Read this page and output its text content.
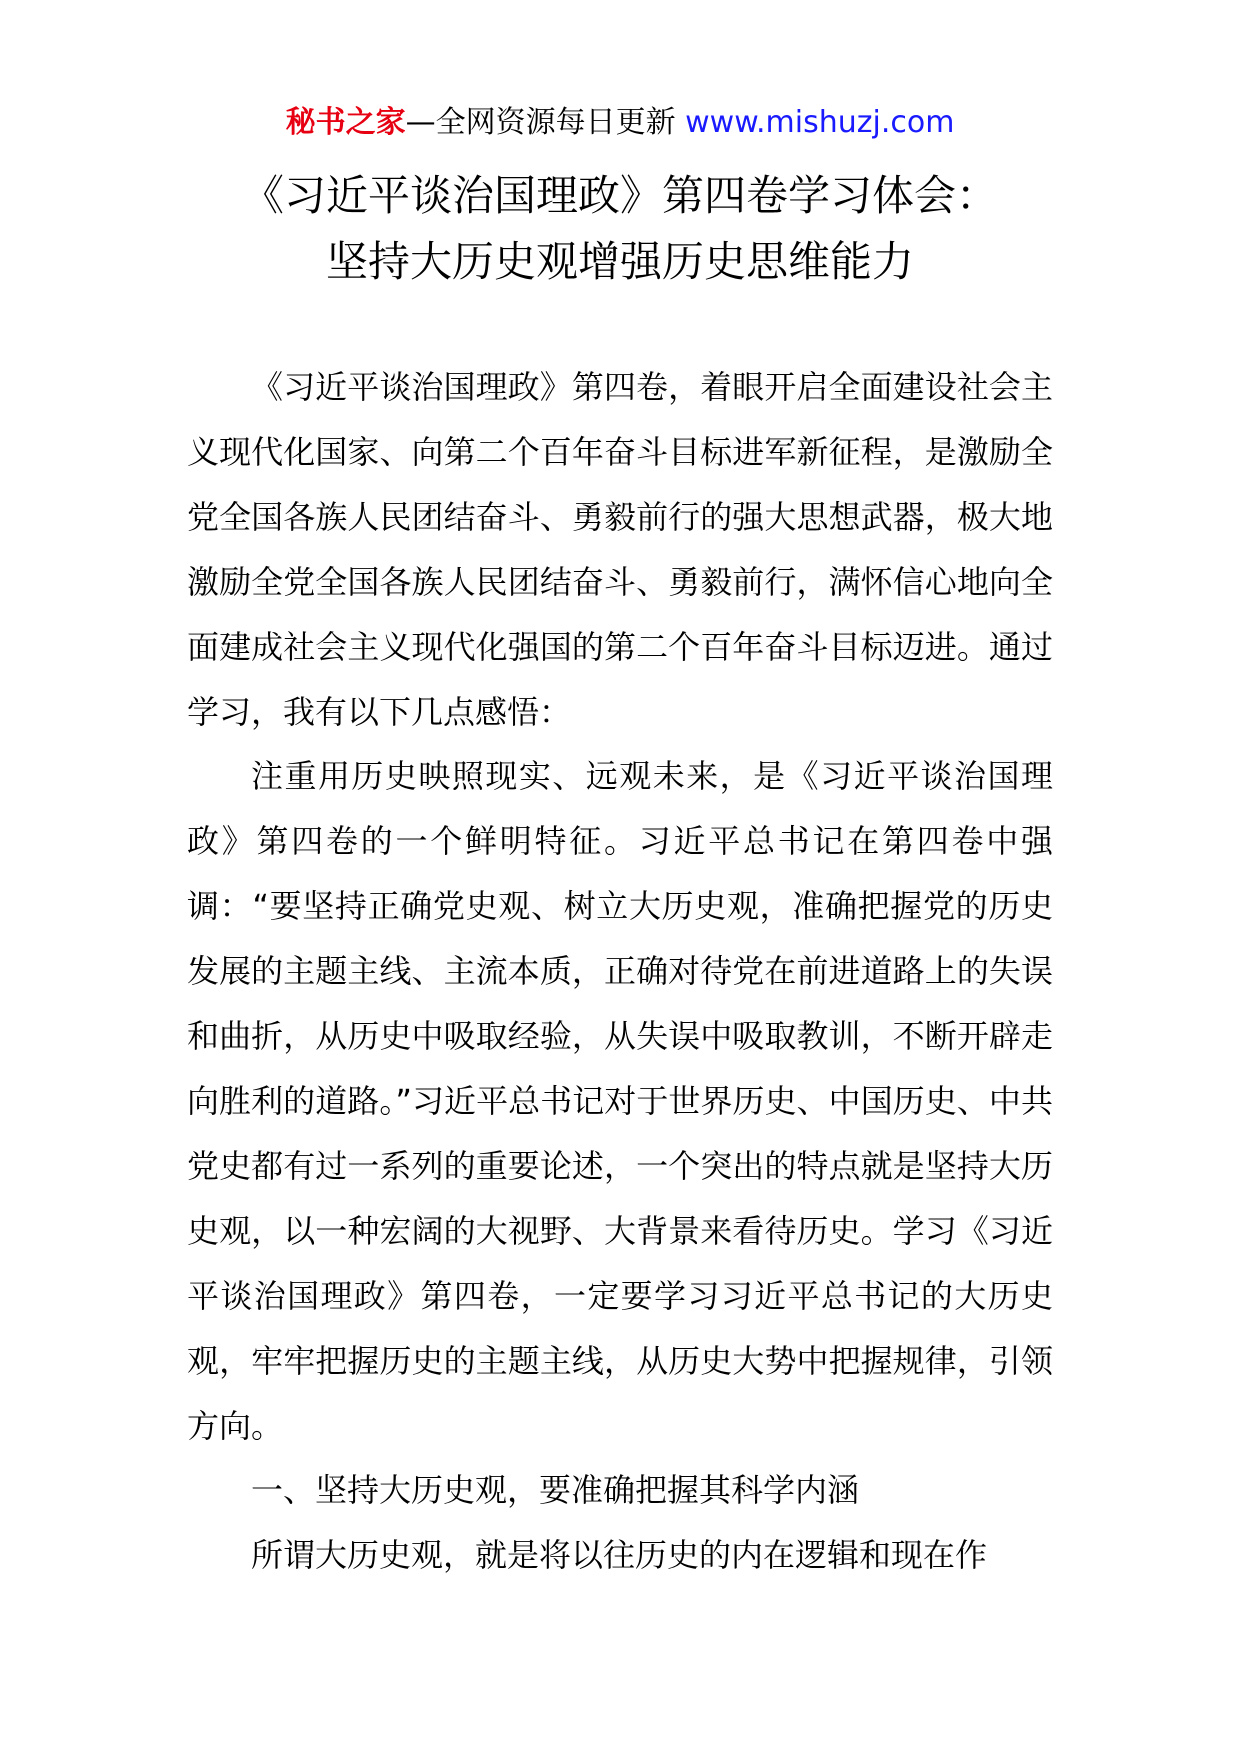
秘书之家—全网资源每日更新 www.mishuzj.com
《习近平谈治国理政》第四卷学习体会：
坚持大历史观增强历史思维能力

《习近平谈治国理政》第四卷，着眼开启全面建设社会主义现代化国家、向第二个百年奋斗目标进军新征程，是激励全党全国各族人民团结奋斗、勇毅前行的强大思想武器，极大地激励全党全国各族人民团结奋斗、勇毅前行，满怀信心地向全面建成社会主义现代化强国的第二个百年奋斗目标迈进。通过学习，我有以下几点感悟：

注重用历史映照现实、远观未来，是《习近平谈治国理政》第四卷的一个鲜明特征。习近平总书记在第四卷中强调：“要坚持正确党史观、树立大历史观，准确把握党的历史发展的主题主线、主流本质，正确对待党在前进道路上的失误和曲折，从历史中吸取经验，从失误中吸取教训，不断开辟走向胜利的道路。”习近平总书记对于世界历史、中国历史、中共党史都有过一系列的重要论述，一个突出的特点就是坚持大历史观，以一种宏阔的大视野、大背景来看待历史。学习《习近平谈治国理政》第四卷，一定要学习习近平总书记的大历史观，牢牢把握历史的主题主线，从历史大势中把握规律，引领方向。

一、坚持大历史观，要准确把握其科学内涵

所谓大历史观，就是将以往历史的内在逻辑和现在作
